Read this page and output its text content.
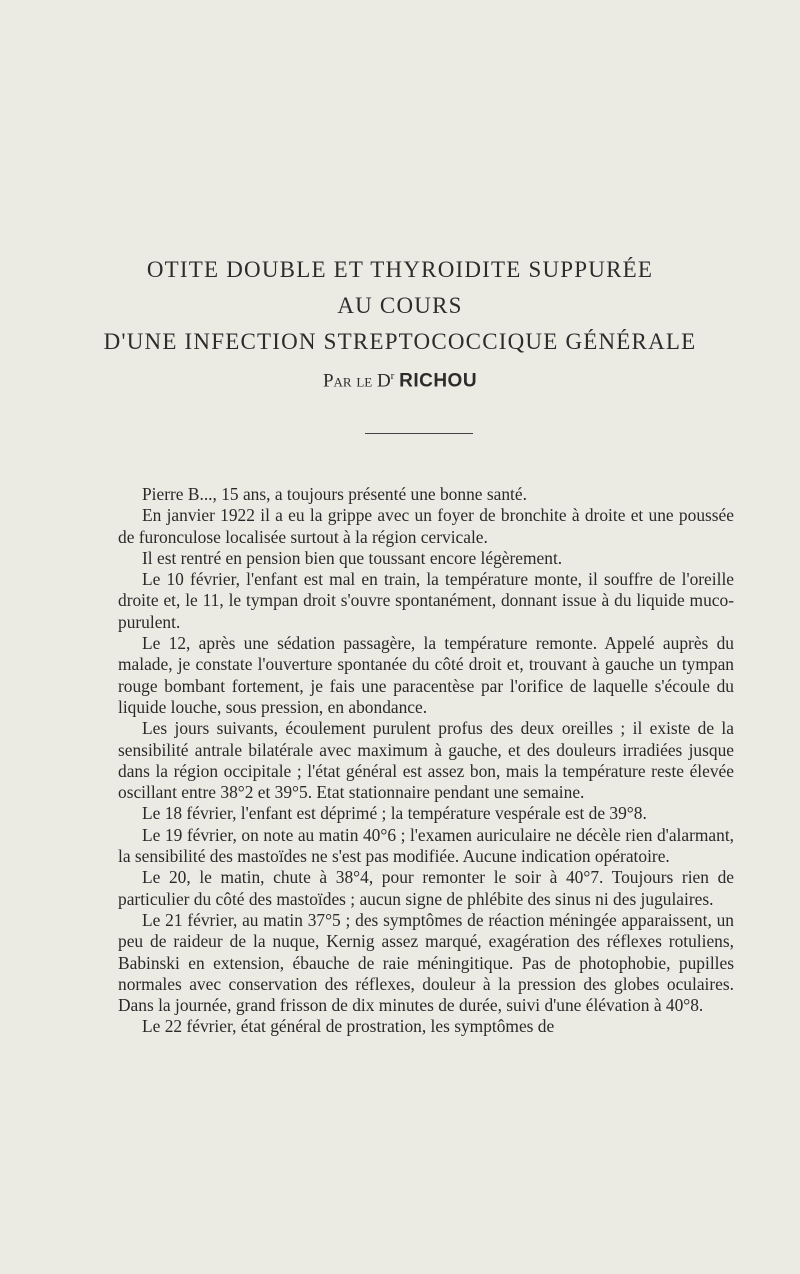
OTITE DOUBLE ET THYROIDITE SUPPURÉE
AU COURS
D'UNE INFECTION STREPTOCOCCIQUE GÉNÉRALE
Par le $D^r$ RICHOU

Pierre B..., 15 ans, a toujours présenté une bonne santé.

En janvier 1922 il a eu la grippe avec un foyer de bronchite à droite et une poussée de furonculose localisée surtout à la région cervicale.

Il est rentré en pension bien que toussant encore légèrement.

Le 10 février, l'enfant est mal en train, la température monte, il souffre de l'oreille droite et, le 11, le tympan droit s'ouvre spontanément, donnant issue à du liquide muco-purulent.

Le 12, après une sédation passagère, la température remonte. Appelé auprès du malade, je constate l'ouverture spontanée du côté droit et, trouvant à gauche un tympan rouge bombant fortement, je fais une paracentèse par l'orifice de laquelle s'écoule du liquide louche, sous pression, en abondance.

Les jours suivants, écoulement purulent profus des deux oreilles ; il existe de la sensibilité antrale bilatérale avec maximum à gauche, et des douleurs irradiées jusque dans la région occipitale ; l'état général est assez bon, mais la température reste élevée oscillant entre 38°2 et 39°5. Etat stationnaire pendant une semaine.

Le 18 février, l'enfant est déprimé ; la température vespérale est de 39°8.

Le 19 février, on note au matin 40°6 ; l'examen auriculaire ne décèle rien d'alarmant, la sensibilité des mastoïdes ne s'est pas modifiée. Aucune indication opératoire.

Le 20, le matin, chute à 38°4, pour remonter le soir à 40°7. Toujours rien de particulier du côté des mastoïdes ; aucun signe de phlébite des sinus ni des jugulaires.

Le 21 février, au matin 37°5 ; des symptômes de réaction méningée apparaissent, un peu de raideur de la nuque, Kernig assez marqué, exagération des réflexes rotuliens, Babinski en extension, ébauche de raie méningitique. Pas de photophobie, pupilles normales avec conservation des réflexes, douleur à la pression des globes oculaires. Dans la journée, grand frisson de dix minutes de durée, suivi d'une élévation à 40°8.

Le 22 février, état général de prostration, les symptômes de
